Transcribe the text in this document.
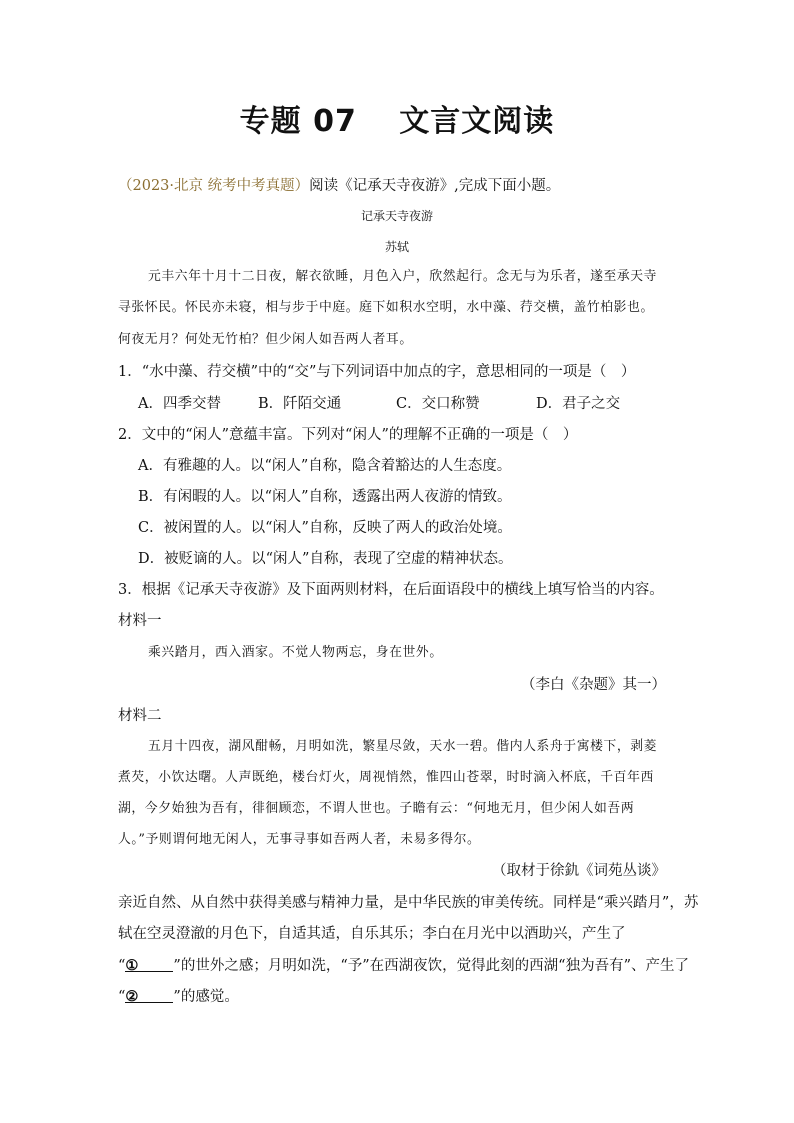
专题 07　 文言文阅读
（2023·北京 统考中考真题）阅读《记承天寺夜游》,完成下面小题。
记承天寺夜游
苏轼
元丰六年十月十二日夜，解衣欲睡，月色入户，欣然起行。念无与为乐者，遂至承天寺
寻张怀民。怀民亦未寝，相与步于中庭。庭下如积水空明，水中藻、荇交横，盖竹柏影也。
何夜无月？何处无竹柏？但少闲人如吾两人者耳。
1．“水中藻、荇交横”中的“交”与下列词语中加点的字，意思相同的一项是（　）
A．四季交替	B．阡陌交通	C．交口称赞	D．君子之交
2．文中的“闲人”意蕴丰富。下列对“闲人”的理解不正确的一项是（　）
A．有雅趣的人。以“闲人”自称，隐含着豁达的人生态度。
B．有闲暇的人。以“闲人”自称，透露出两人夜游的情致。
C．被闲置的人。以“闲人”自称，反映了两人的政治处境。
D．被贬谪的人。以“闲人”自称，表现了空虚的精神状态。
3．根据《记承天寺夜游》及下面两则材料，在后面语段中的横线上填写恰当的内容。
材料一
乘兴踏月，西入酒家。不觉人物两忘，身在世外。
（李白《杂题》其一）
材料二
五月十四夜，湖风酣畅，月明如洗，繁星尽敛，天水一碧。偕内人系舟于寓楼下，剥菱
煮芡，小饮达曙。人声既绝，楼台灯火，周视悄然，惟四山苍翠，时时滴入杯底，千百年西
湖，今夕始独为吾有，徘徊顾恋，不谓人世也。子瞻有云：“何地无月，但少闲人如吾两
人。”予则谓何地无闲人，无事寻事如吾两人者，未易多得尔。
（取材于徐釚《词苑丛谈》
亲近自然、从自然中获得美感与精神力量，是中华民族的审美传统。同样是“乘兴踏月”，苏
轼在空灵澄澈的月色下，自适其适，自乐其乐；李白在月光中以酒助兴，产生了
“① ”的世外之感；月明如洗，“予”在西湖夜饮，觉得此刻的西湖“独为吾有”、产生了
“② ”的感觉。
